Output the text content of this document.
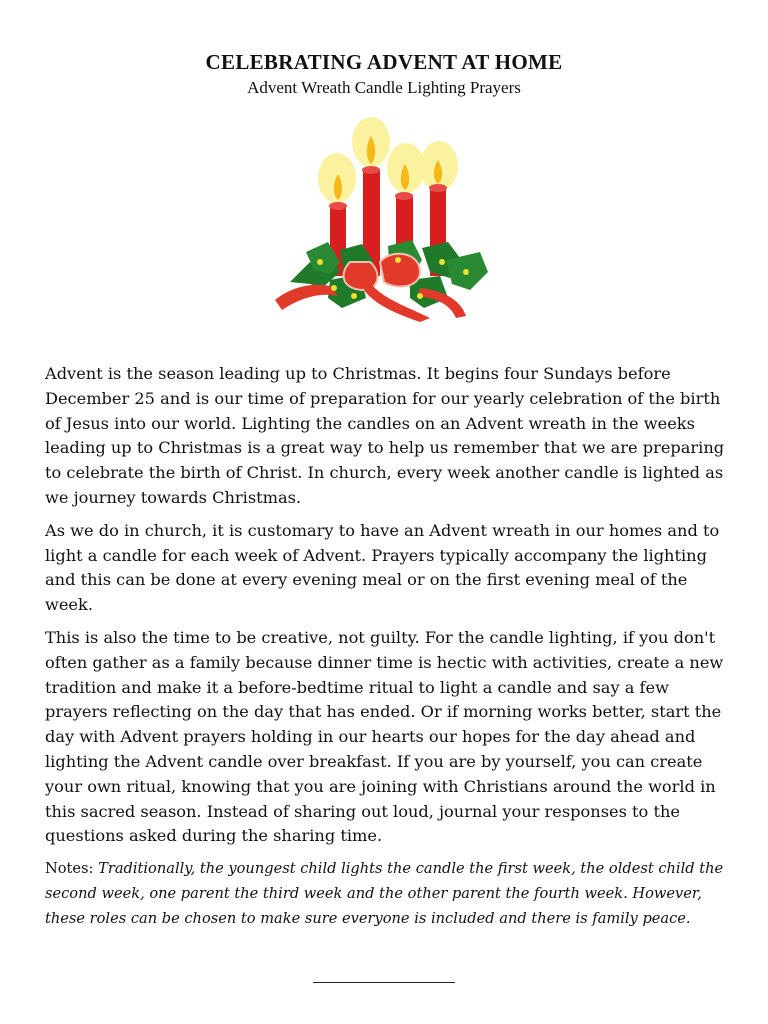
CELEBRATING ADVENT AT HOME
Advent Wreath Candle Lighting Prayers

Advent is the season leading up to Christmas. It begins four Sundays before December 25 and is our time of preparation for our yearly celebration of the birth of Jesus into our world. Lighting the candles on an Advent wreath in the weeks leading up to Christmas is a great way to help us remember that we are preparing to celebrate the birth of Christ. In church, every week another candle is lighted as we journey towards Christmas.

As we do in church, it is customary to have an Advent wreath in our homes and to light a candle for each week of Advent. Prayers typically accompany the lighting and this can be done at every evening meal or on the first evening meal of the week.

This is also the time to be creative, not guilty. For the candle lighting, if you don't often gather as a family because dinner time is hectic with activities, create a new tradition and make it a before-bedtime ritual to light a candle and say a few prayers reflecting on the day that has ended. Or if morning works better, start the day with Advent prayers holding in our hearts our hopes for the day ahead and lighting the Advent candle over breakfast. If you are by yourself, you can create your own ritual, knowing that you are joining with Christians around the world in this sacred season. Instead of sharing out loud, journal your responses to the questions asked during the sharing time.

Notes: Traditionally, the youngest child lights the candle the first week, the oldest child the second week, one parent the third week and the other parent the fourth week. However, these roles can be chosen to make sure everyone is included and there is family peace.
